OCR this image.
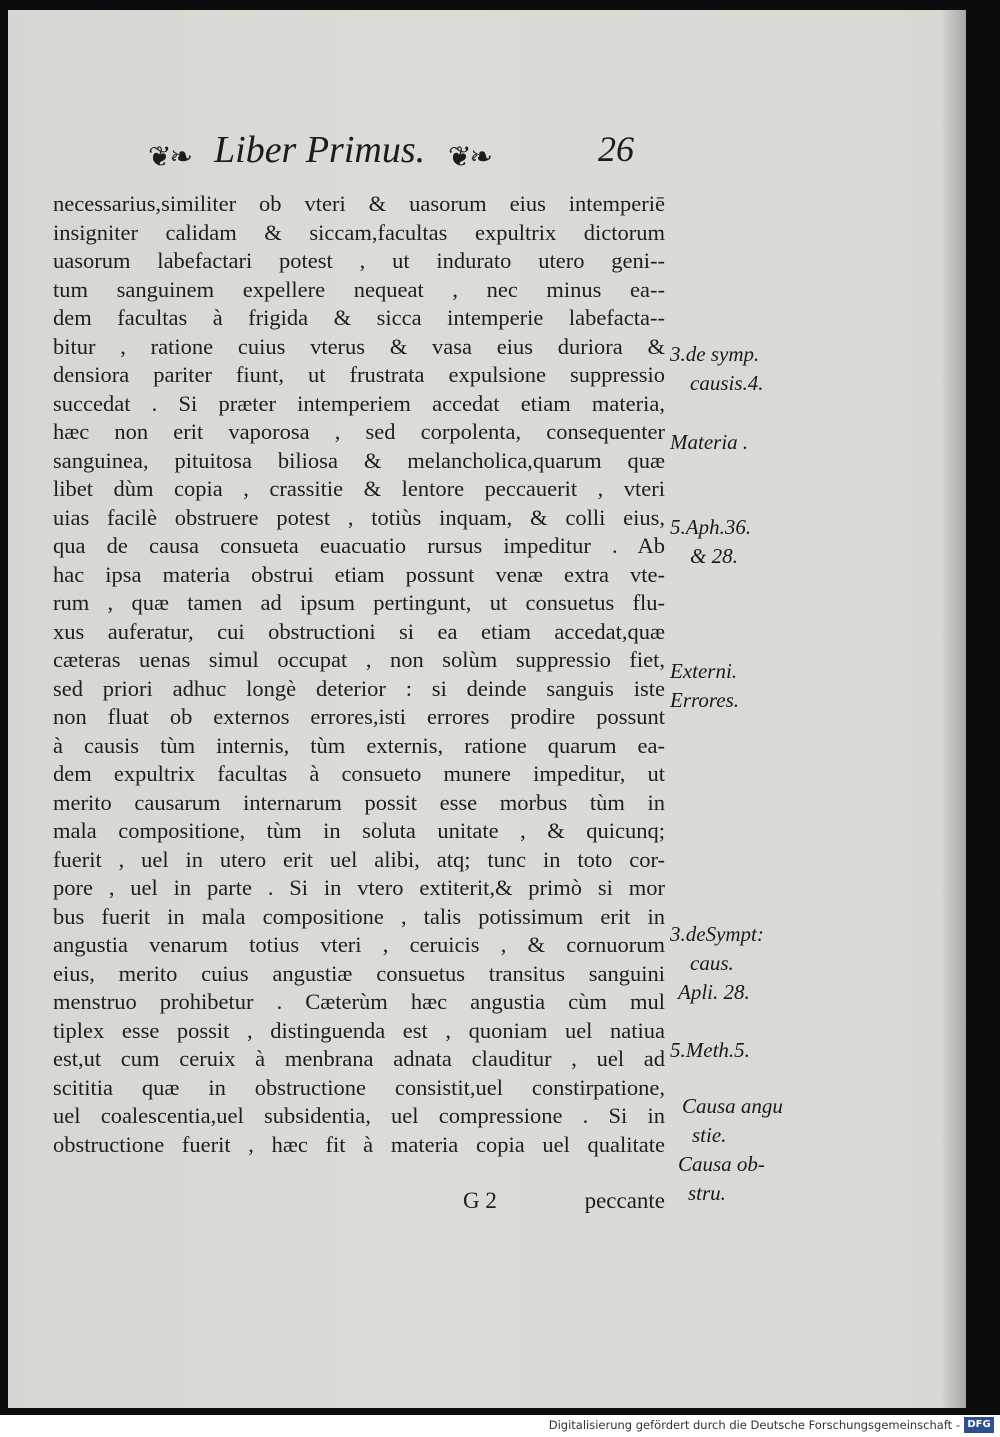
❦❧ Liber Primus. ❦❧	26
necessarius,similiter ob vteri & uasorum eius intemperiē
insigniter calidam & siccam,facultas expultrix dictorum
uasorum labefactari potest , ut indurato utero geni--
tum sanguinem expellere nequeat , nec minus ea--
dem facultas à frigida & sicca intemperie labefacta--
bitur , ratione cuius vterus & vasa eius duriora &
densiora pariter fiunt, ut frustrata expulsione suppressio
succedat . Si præter intemperiem accedat etiam materia,
hæc non erit vaporosa , sed corpolenta, consequenter
sanguinea, pituitosa biliosa & melancholica,quarum quæ
libet dùm copia , crassitie & lentore peccauerit , vteri
uias facilè obstruere potest , totiùs inquam, & colli eius,
qua de causa consueta euacuatio rursus impeditur . Ab
hac ipsa materia obstrui etiam possunt venæ extra vte-
rum , quæ tamen ad ipsum pertingunt, ut consuetus flu-
xus auferatur, cui obstructioni si ea etiam accedat,quæ
cæteras uenas simul occupat , non solùm suppressio fiet,
sed priori adhuc longè deterior : si deinde sanguis iste
non fluat ob externos errores,isti errores prodire possunt
à causis tùm internis, tùm externis, ratione quarum ea-
dem expultrix facultas à consueto munere impeditur, ut
merito causarum internarum possit esse morbus tùm in
mala compositione, tùm in soluta unitate , & quicunq;
fuerit , uel in utero erit uel alibi, atq; tunc in toto cor-
pore , uel in parte . Si in vtero extiterit,& primò si mor
bus fuerit in mala compositione , talis potissimum erit in
angustia venarum totius vteri , ceruicis , & cornuorum
eius, merito cuius angustiæ consuetus transitus sanguini
menstruo prohibetur . Cæterùm hæc angustia cùm mul
tiplex esse possit , distinguenda est , quoniam uel natiua
est,ut cum ceruix à menbrana adnata clauditur , uel ad
scititia quæ in obstructione consistit,uel constirpatione,
uel coalescentia,uel subsidentia, uel compressione . Si in
obstructione fuerit , hæc fit à materia copia uel qualitate
G 2	peccante
3.de symp.
causis.4.
Materia .
5.Aph.36.
& 28.
Externi.
Errores.
3.deSympt:
caus.
Apli. 28.
5.Meth.5.
Causa angu
stie.
Causa ob-
stru.
Digitalisierung gefördert durch die Deutsche Forschungsgemeinschaft - DFG
